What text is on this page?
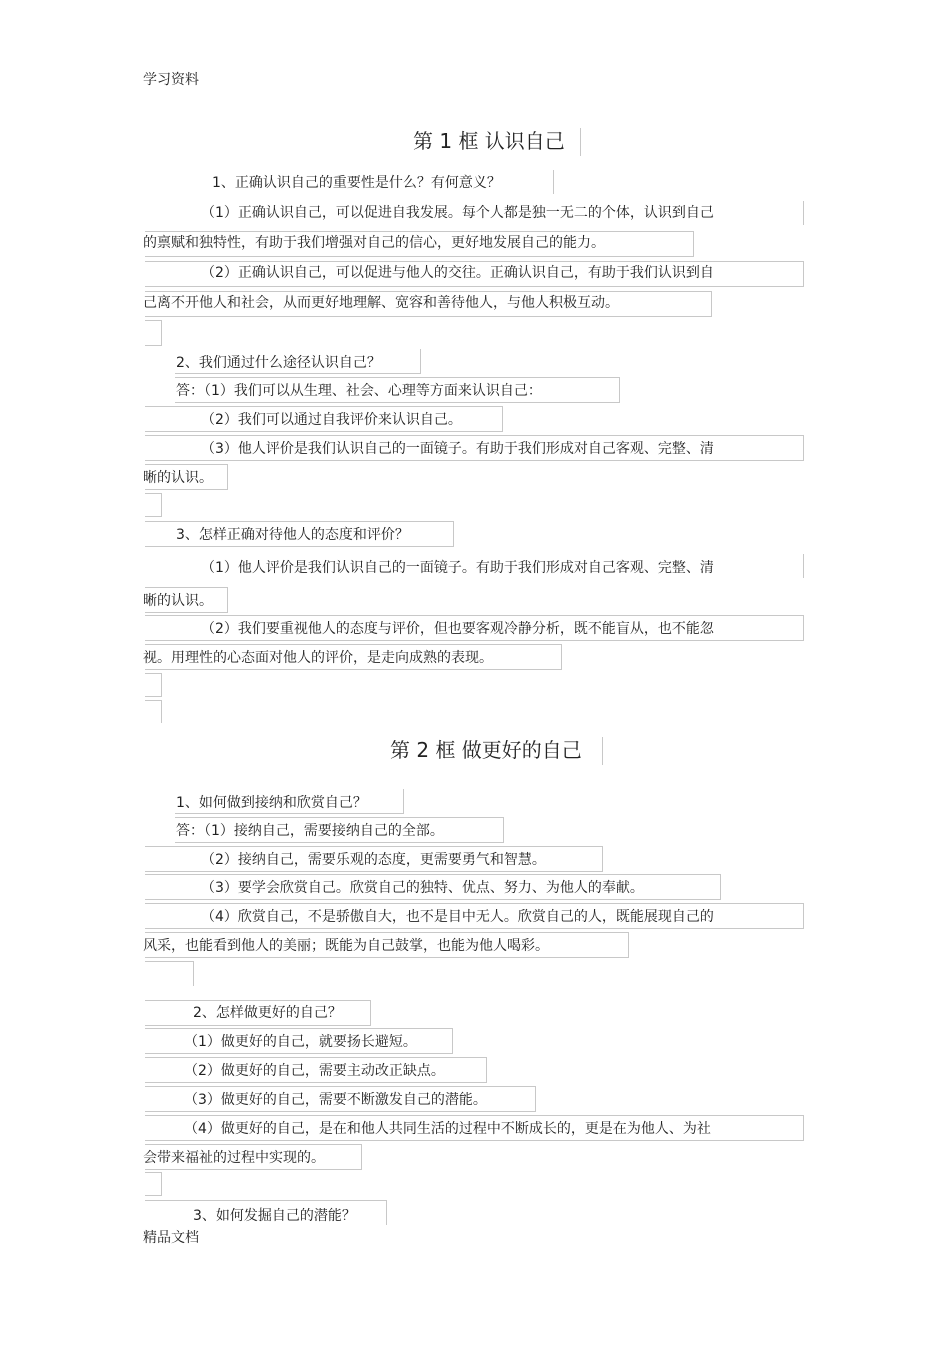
学习资料
第 1 框 认识自己
1、正确认识自己的重要性是什么？有何意义？
（1）正确认识自己，可以促进自我发展。每个人都是独一无二的个体，认识到自己
的禀赋和独特性，有助于我们增强对自己的信心，更好地发展自己的能力。
（2）正确认识自己，可以促进与他人的交往。正确认识自己，有助于我们认识到自
己离不开他人和社会，从而更好地理解、宽容和善待他人，与他人积极互动。
2、我们通过什么途径认识自己？
答：（1）我们可以从生理、社会、心理等方面来认识自己：
（2）我们可以通过自我评价来认识自己。
（3）他人评价是我们认识自己的一面镜子。有助于我们形成对自己客观、完整、清
晰的认识。
3、怎样正确对待他人的态度和评价？
（1）他人评价是我们认识自己的一面镜子。有助于我们形成对自己客观、完整、清
晰的认识。
（2）我们要重视他人的态度与评价，但也要客观冷静分析，既不能盲从，也不能忽
视。用理性的心态面对他人的评价，是走向成熟的表现。
第 2 框 做更好的自己
1、如何做到接纳和欣赏自己？
答：（1）接纳自己，需要接纳自己的全部。
（2）接纳自己，需要乐观的态度，更需要勇气和智慧。
（3）要学会欣赏自己。欣赏自己的独特、优点、努力、为他人的奉献。
（4）欣赏自己，不是骄傲自大，也不是目中无人。欣赏自己的人，既能展现自己的
风采，也能看到他人的美丽；既能为自己鼓掌，也能为他人喝彩。
2、怎样做更好的自己？
（1）做更好的自己，就要扬长避短。
（2）做更好的自己，需要主动改正缺点。
（3）做更好的自己，需要不断激发自己的潜能。
（4）做更好的自己，是在和他人共同生活的过程中不断成长的，更是在为他人、为社
会带来福祉的过程中实现的。
3、如何发掘自己的潜能？
精品文档
